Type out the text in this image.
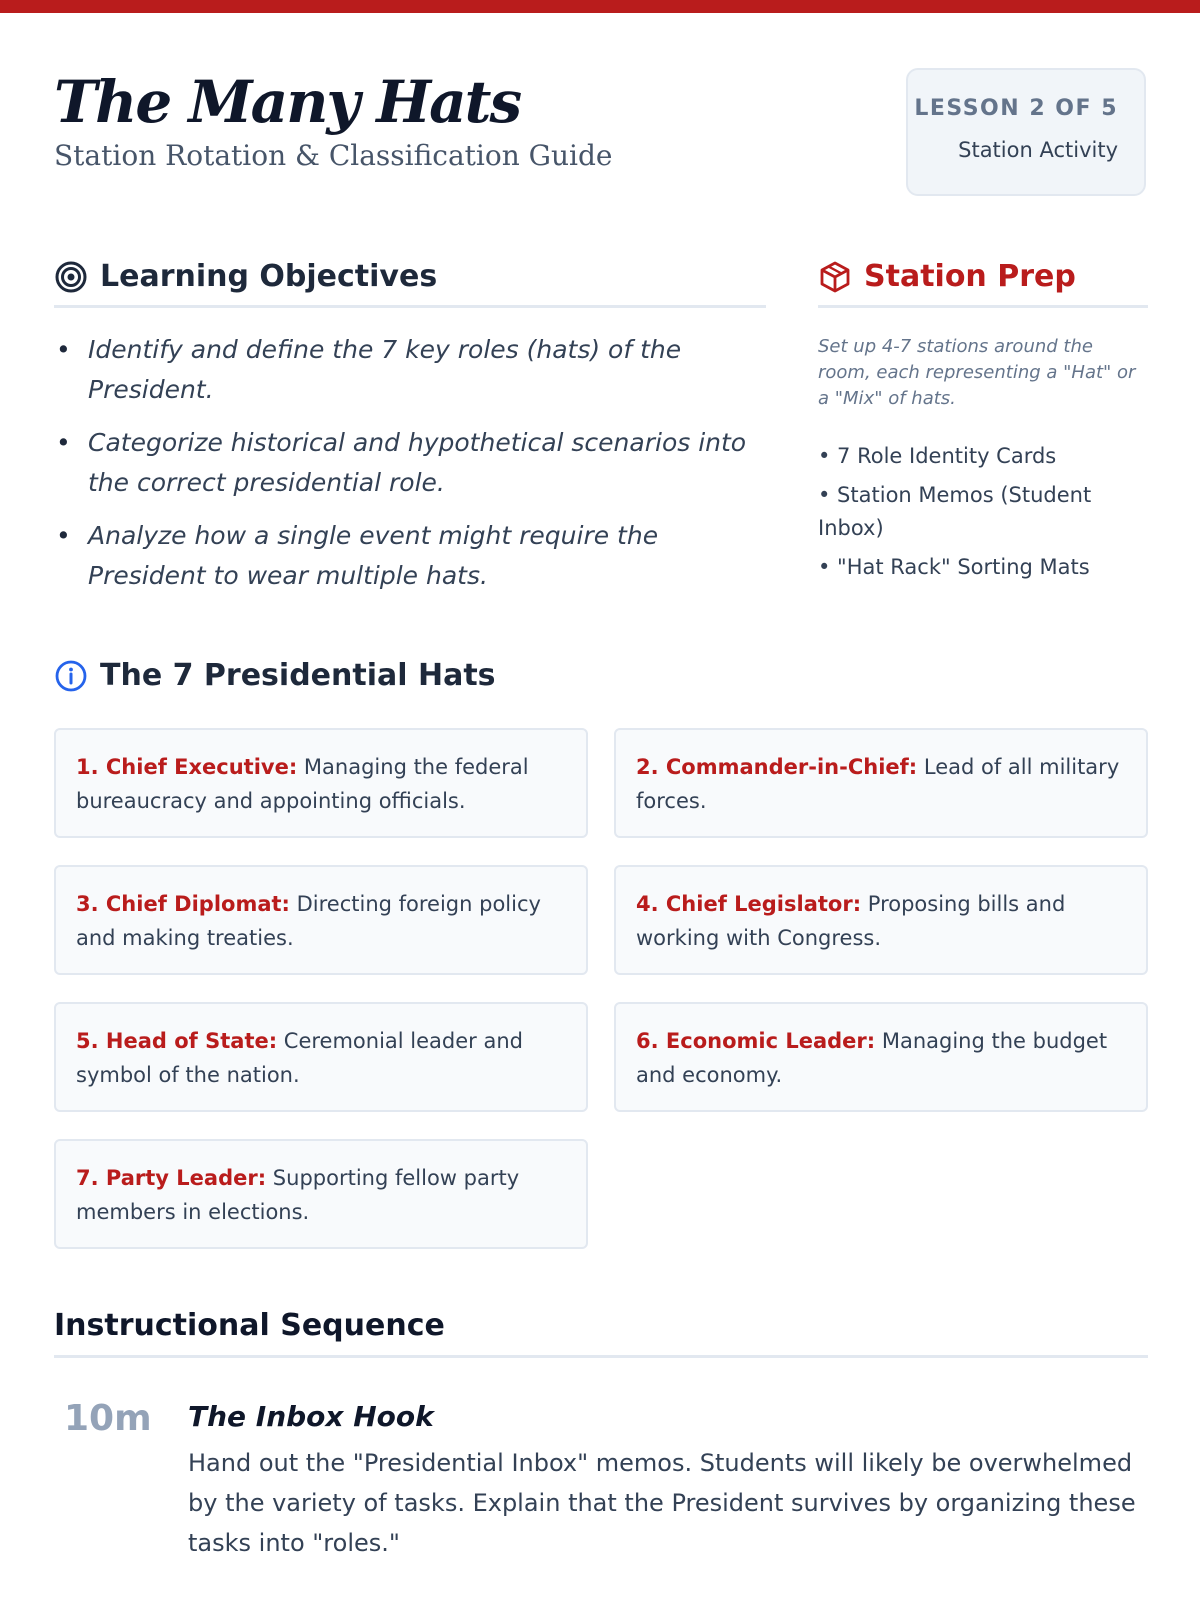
The Many Hats
Station Rotation & Classification Guide
LESSON 2 OF 5
Station Activity
Learning Objectives
• Identify and define the 7 key roles (hats) of the President.
• Categorize historical and hypothetical scenarios into the correct presidential role.
• Analyze how a single event might require the President to wear multiple hats.
Station Prep

Set up 4-7 stations around the room, each representing a "Hat" or a "Mix" of hats.

• 7 Role Identity Cards
• Station Memos (Student Inbox)
• "Hat Rack" Sorting Mats
The 7 Presidential Hats
1. Chief Executive: Managing the federal bureaucracy and appointing officials.
2. Commander-in-Chief: Lead of all military forces.
3. Chief Diplomat: Directing foreign policy and making treaties.
4. Chief Legislator: Proposing bills and working with Congress.
5. Head of State: Ceremonial leader and symbol of the nation.
6. Economic Leader: Managing the budget and economy.
7. Party Leader: Supporting fellow party members in elections.
Instructional Sequence
10m The Inbox Hook

Hand out the "Presidential Inbox" memos. Students will likely be overwhelmed by the variety of tasks. Explain that the President survives by organizing these tasks into "roles."
